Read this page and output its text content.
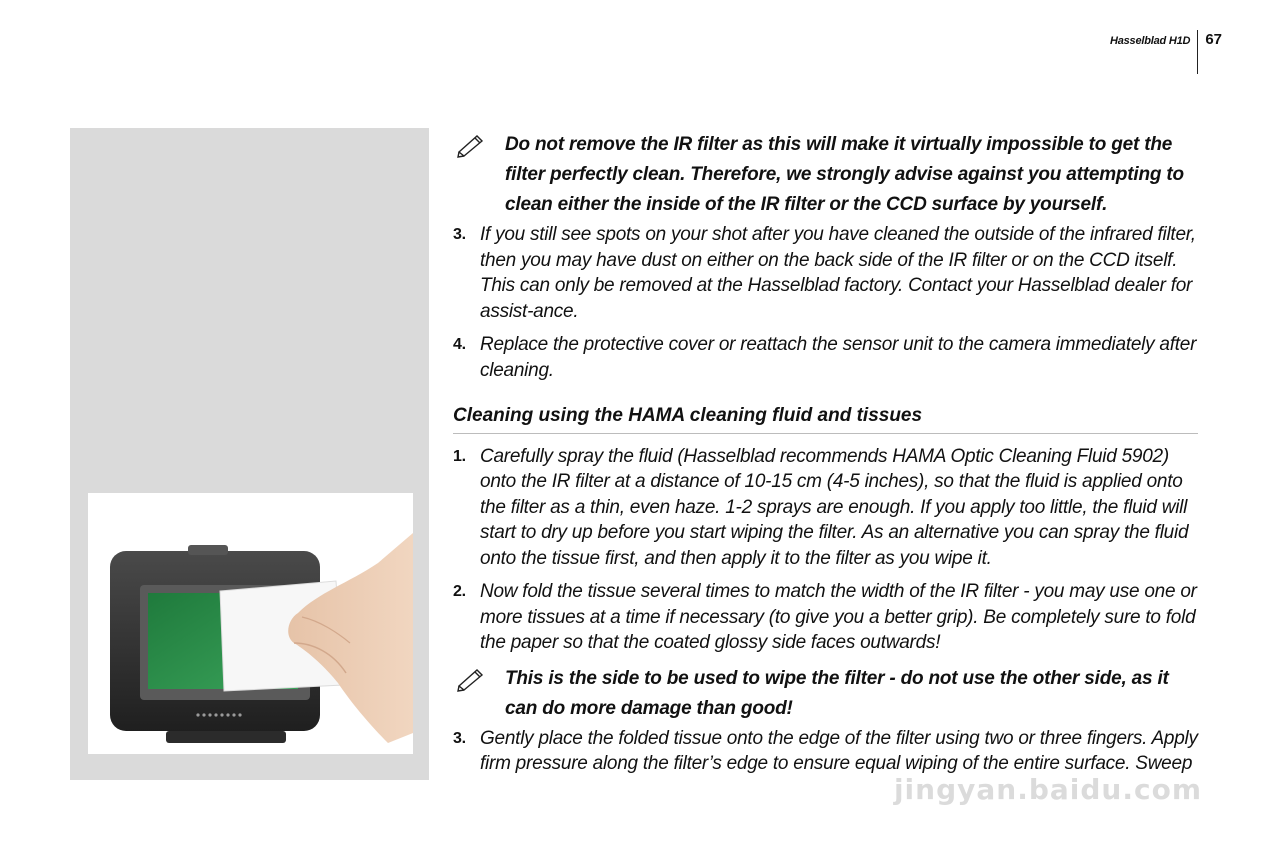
Hasselblad H1D	67
Do not remove the IR filter as this will make it virtually impossible to get the filter perfectly clean. Therefore, we strongly advise against you attempting to clean either the inside of the IR filter or the CCD surface by yourself.
3. If you still see spots on your shot after you have cleaned the outside of the infrared filter, then you may have dust on either on the back side of the IR filter or on the CCD itself. This can only be removed at the Hasselblad factory. Contact your Hasselblad dealer for assist-ance.
4. Replace the protective cover or reattach the sensor unit to the camera immediately after cleaning.
Cleaning using the HAMA cleaning fluid and tissues
1. Carefully spray the fluid (Hasselblad recommends HAMA Optic Cleaning Fluid 5902) onto the IR filter at a distance of 10-15 cm (4-5 inches), so that the fluid is applied onto the filter as a thin, even haze. 1-2 sprays are enough. If you apply too little, the fluid will start to dry up before you start wiping the filter. As an alternative you can spray the fluid onto the tissue first, and then apply it to the filter as you wipe it.
2. Now fold the tissue several times to match the width of the IR filter - you may use one or more tissues at a time if necessary (to give you a better grip). Be completely sure to fold the paper so that the coated glossy side faces outwards!
This is the side to be used to wipe the filter - do not use the other side, as it can do more damage than good!
3. Gently place the folded tissue onto the edge of the filter using two or three fingers. Apply firm pressure along the filter’s edge to ensure equal wiping of the entire surface. Sweep
jingyan.baidu.com
